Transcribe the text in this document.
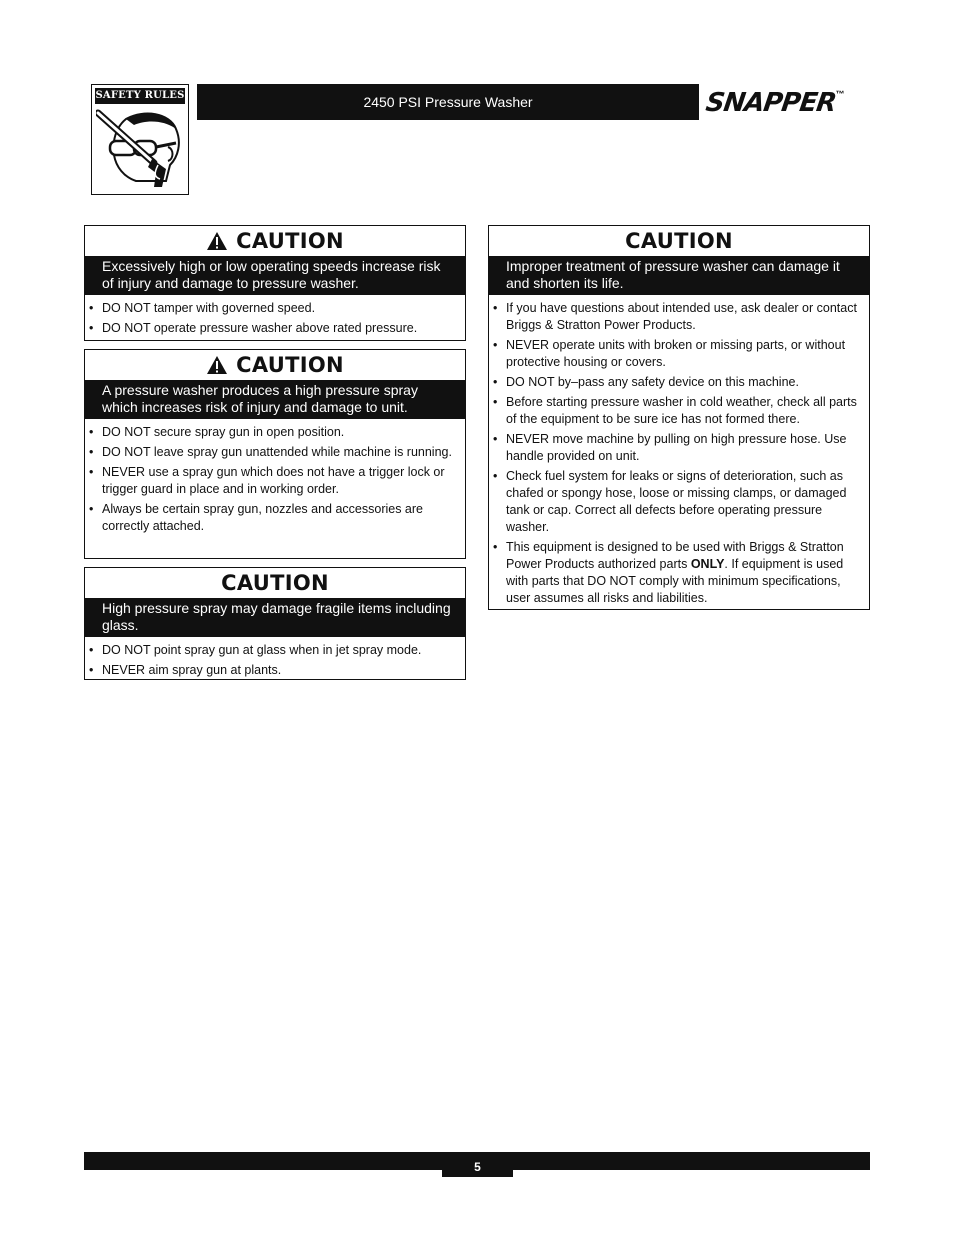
SAFETY RULES	2450 PSI Pressure Washer	SNAPPER™
CAUTION
Excessively high or low operating speeds increase risk of injury and damage to pressure washer.
• DO NOT tamper with governed speed.
• DO NOT operate pressure washer above rated pressure.
CAUTION
A pressure washer produces a high pressure spray which increases risk of injury and damage to unit.
• DO NOT secure spray gun in open position.
• DO NOT leave spray gun unattended while machine is running.
• NEVER use a spray gun which does not have a trigger lock or trigger guard in place and in working order.
• Always be certain spray gun, nozzles and accessories are correctly attached.
CAUTION
High pressure spray may damage fragile items including glass.
• DO NOT point spray gun at glass when in jet spray mode.
• NEVER aim spray gun at plants.
CAUTION
Improper treatment of pressure washer can damage it and shorten its life.
• If you have questions about intended use, ask dealer or contact Briggs & Stratton Power Products.
• NEVER operate units with broken or missing parts, or without protective housing or covers.
• DO NOT by–pass any safety device on this machine.
• Before starting pressure washer in cold weather, check all parts of the equipment to be sure ice has not formed there.
• NEVER move machine by pulling on high pressure hose. Use handle provided on unit.
• Check fuel system for leaks or signs of deterioration, such as chafed or spongy hose, loose or missing clamps, or damaged tank or cap. Correct all defects before operating pressure washer.
• This equipment is designed to be used with Briggs & Stratton Power Products authorized parts ONLY. If equipment is used with parts that DO NOT comply with minimum specifications, user assumes all risks and liabilities.
5
